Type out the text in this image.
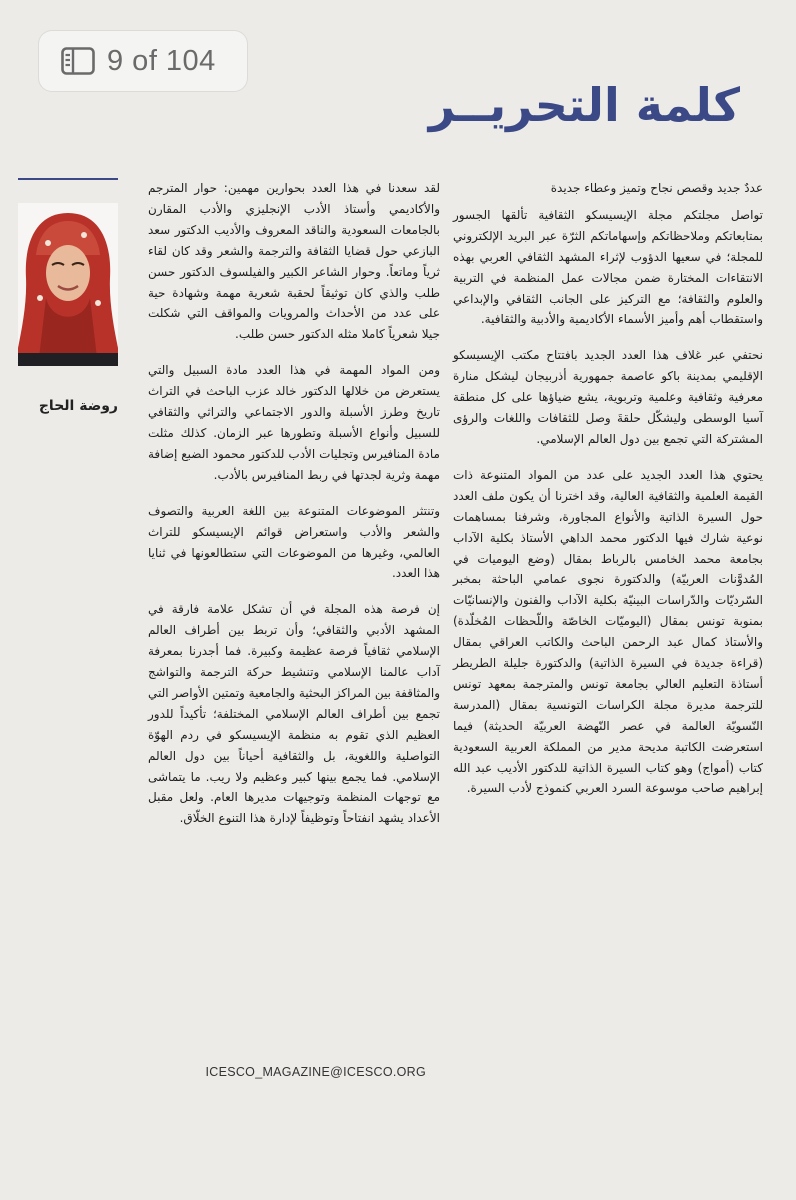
9 of 104
كلمة التحريــر
روضة الحاج

عددٌ جديد وقصص نجاح وتميز وعطاء جديدة

تواصل مجلتكم مجلة الإيسيسكو الثقافية تألقها الجسور بمتابعاتكم وملاحظاتكم وإسهاماتكم الثرّة عبر البريد الإلكتروني للمجلة؛ في سعيها الدؤوب لإثراء المشهد الثقافي العربي بهذه الانتقاءات المختارة ضمن مجالات عمل المنظمة في التربية والعلوم والثقافة؛ مع التركيز على الجانب الثقافي والإبداعي واستقطاب أهم وأميز الأسماء الأكاديمية والأدبية والثقافية.

نحتفي عبر غلاف هذا العدد الجديد بافتتاح مكتب الإيسيسكو الإقليمي بمدينة باكو عاصمة جمهورية أذربيجان ليشكل منارة معرفية وثقافية وعلمية وتربوية، يشع ضياؤها على كل منطقة آسيا الوسطى وليشكّل حلقةَ وصل للثقافات واللغات والرؤى المشتركة التي تجمع بين دول العالم الإسلامي.

يحتوي هذا العدد الجديد على عدد من المواد المتنوعة ذات القيمة العلمية والثقافية العالية، وقد اخترنا أن يكون ملف العدد حول السيرة الذاتية والأنواع المجاورة، وشرفنا بمساهمات نوعية شارك فيها الدكتور محمد الداهي الأستاذ بكلية الآداب بجامعة محمد الخامس بالرباط بمقال (وضع اليوميات في المُدوَّنات العربيّة) والدكتورة نجوى عمامي الباحثة بمخبر السّرديّات والدّراسات البينيّة بكلية الآداب والفنون والإنسانيّات بمنوبة تونس بمقال (اليوميّات الخاصّة واللّحظات المُخلّدة) والأستاذ كمال عبد الرحمن الباحث والكاتب العراقي بمقال (قراءة جديدة في السيرة الذاتية) والدكتورة جليلة الطريطر أستاذة التعليم العالي بجامعة تونس والمترجمة بمعهد تونس للترجمة مديرة مجلة الكراسات التونسية بمقال (المدرسة النّسويّة العالمة في عصر النّهضة العربيّة الحديثة) فيما استعرضت الكاتبة مديحة مدير من المملكة العربية السعودية كتاب (أمواج) وهو كتاب السيرة الذاتية للدكتور الأديب عبد الله إبراهيم صاحب موسوعة السرد العربي كنموذج لأدب السيرة.

لقد سعدنا في هذا العدد بحوارين مهمين: حوار المترجم والأكاديمي وأستاذ الأدب الإنجليزي والأدب المقارن بالجامعات السعودية والناقد المعروف والأديب الدكتور سعد البازعي حول قضايا الثقافة والترجمة والشعر وقد كان لقاء ثرياً وماتعاً. وحوار الشاعر الكبير والفيلسوف الدكتور حسن طلب والذي كان توثيقاً لحقبة شعرية مهمة وشهادة حية على عدد من الأحداث والمرويات والمواقف التي شكلت جيلا شعرياً كاملا مثله الدكتور حسن طلب.

ومن المواد المهمة في هذا العدد مادة السبيل والتي يستعرض من خلالها الدكتور خالد عزب الباحث في التراث تاريخ وطرز الأسبلة والدور الاجتماعي والتراثي والثقافي للسبيل وأنواع الأسبلة وتطورها عبر الزمان. كذلك مثلت مادة المنافيرس وتجليات الأدب للدكتور محمود الضبع إضافة مهمة وثرية لجدتها في ربط المنافيرس بالأدب.

وتنتثر الموضوعات المتنوعة بين اللغة العربية والتصوف والشعر والأدب واستعراض قوائم الإيسيسكو للتراث العالمي، وغيرها من الموضوعات التي ستطالعونها في ثنايا هذا العدد.

إن فرصة هذه المجلة في أن تشكل علامة فارقة في المشهد الأدبي والثقافي؛ وأن تربط بين أطراف العالم الإسلامي ثقافياً فرصة عظيمة وكبيرة. فما أجدرنا بمعرفة آداب عالمنا الإسلامي وتنشيط حركة الترجمة والتواشج والمثاقفة بين المراكز البحثية والجامعية وتمتين الأواصر التي تجمع بين أطراف العالم الإسلامي المختلفة؛ تأكيداً للدور العظيم الذي تقوم به منظمة الإيسيسكو في ردم الهوّة التواصلية واللغوية، بل والثقافية أحياناً بين دول العالم الإسلامي. فما يجمع بينها كبير وعظيم ولا ريب. ما يتماشى مع توجهات المنظمة وتوجيهات مديرها العام. ولعل مقبل الأعداد يشهد انفتاحاً وتوظيفاً لإدارة هذا التنوع الخلّاق.

ICESCO_MAGAZINE@ICESCO.ORG
